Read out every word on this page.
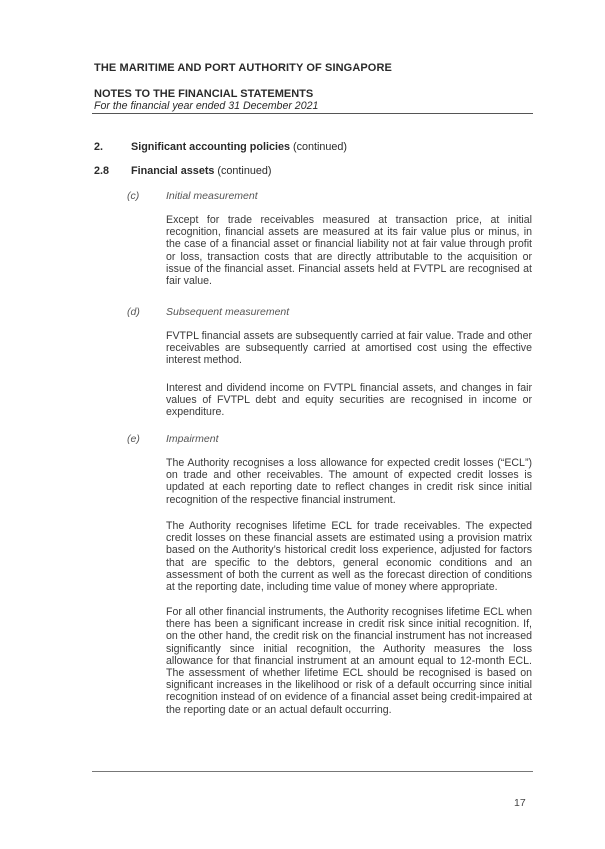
THE MARITIME AND PORT AUTHORITY OF SINGAPORE
NOTES TO THE FINANCIAL STATEMENTS
For the financial year ended 31 December 2021
2.	Significant accounting policies (continued)
2.8 Financial assets (continued)
(c)	Initial measurement

Except for trade receivables measured at transaction price, at initial recognition, financial assets are measured at its fair value plus or minus, in the case of a financial asset or financial liability not at fair value through profit or loss, transaction costs that are directly attributable to the acquisition or issue of the financial asset. Financial assets held at FVTPL are recognised at fair value.

(d) Subsequent measurement

FVTPL financial assets are subsequently carried at fair value. Trade and other receivables are subsequently carried at amortised cost using the effective interest method.

Interest and dividend income on FVTPL financial assets, and changes in fair values of FVTPL debt and equity securities are recognised in income or expenditure.

(e) Impairment

The Authority recognises a loss allowance for expected credit losses (“ECL”) on trade and other receivables. The amount of expected credit losses is updated at each reporting date to reflect changes in credit risk since initial recognition of the respective financial instrument.

The Authority recognises lifetime ECL for trade receivables. The expected credit losses on these financial assets are estimated using a provision matrix based on the Authority’s historical credit loss experience, adjusted for factors that are specific to the debtors, general economic conditions and an assessment of both the current as well as the forecast direction of conditions at the reporting date, including time value of money where appropriate.

For all other financial instruments, the Authority recognises lifetime ECL when there has been a significant increase in credit risk since initial recognition. If, on the other hand, the credit risk on the financial instrument has not increased significantly since initial recognition, the Authority measures the loss allowance for that financial instrument at an amount equal to 12-month ECL. The assessment of whether lifetime ECL should be recognised is based on significant increases in the likelihood or risk of a default occurring since initial recognition instead of on evidence of a financial asset being credit-impaired at the reporting date or an actual default occurring.

17
